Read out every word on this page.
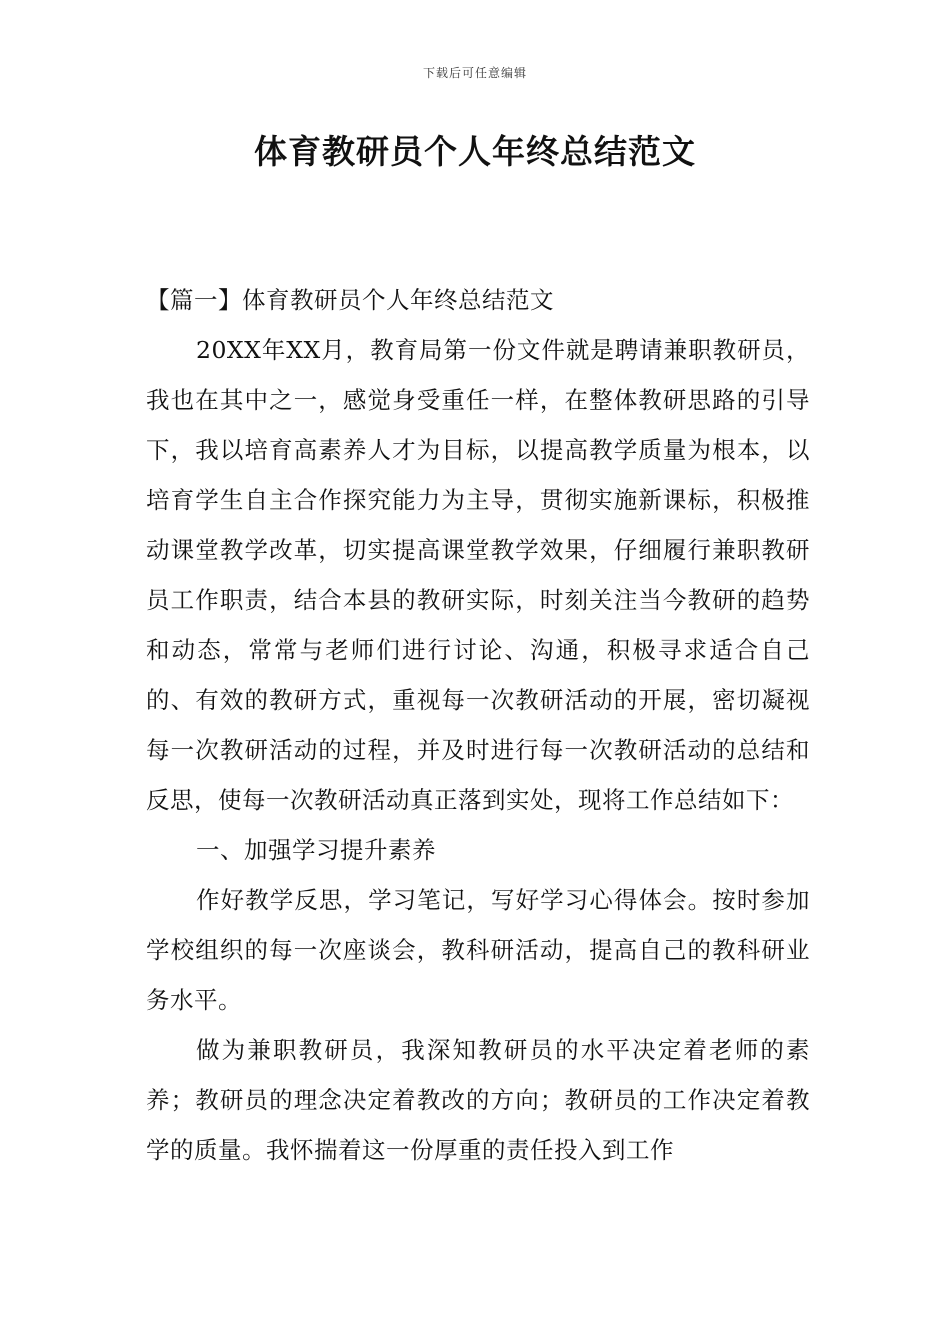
下载后可任意编辑
体育教研员个人年终总结范文

【篇一】体育教研员个人年终总结范文

20XX年XX月，教育局第一份文件就是聘请兼职教研员，我也在其中之一，感觉身受重任一样，在整体教研思路的引导下，我以培育高素养人才为目标，以提高教学质量为根本，以培育学生自主合作探究能力为主导，贯彻实施新课标，积极推动课堂教学改革，切实提高课堂教学效果，仔细履行兼职教研员工作职责，结合本县的教研实际，时刻关注当今教研的趋势和动态，常常与老师们进行讨论、沟通，积极寻求适合自己的、有效的教研方式，重视每一次教研活动的开展，密切凝视每一次教研活动的过程，并及时进行每一次教研活动的总结和反思，使每一次教研活动真正落到实处，现将工作总结如下：

一、加强学习提升素养

作好教学反思，学习笔记，写好学习心得体会。按时参加学校组织的每一次座谈会，教科研活动，提高自己的教科研业务水平。

做为兼职教研员，我深知教研员的水平决定着老师的素养；教研员的理念决定着教改的方向；教研员的工作决定着教学的质量。我怀揣着这一份厚重的责任投入到工作
